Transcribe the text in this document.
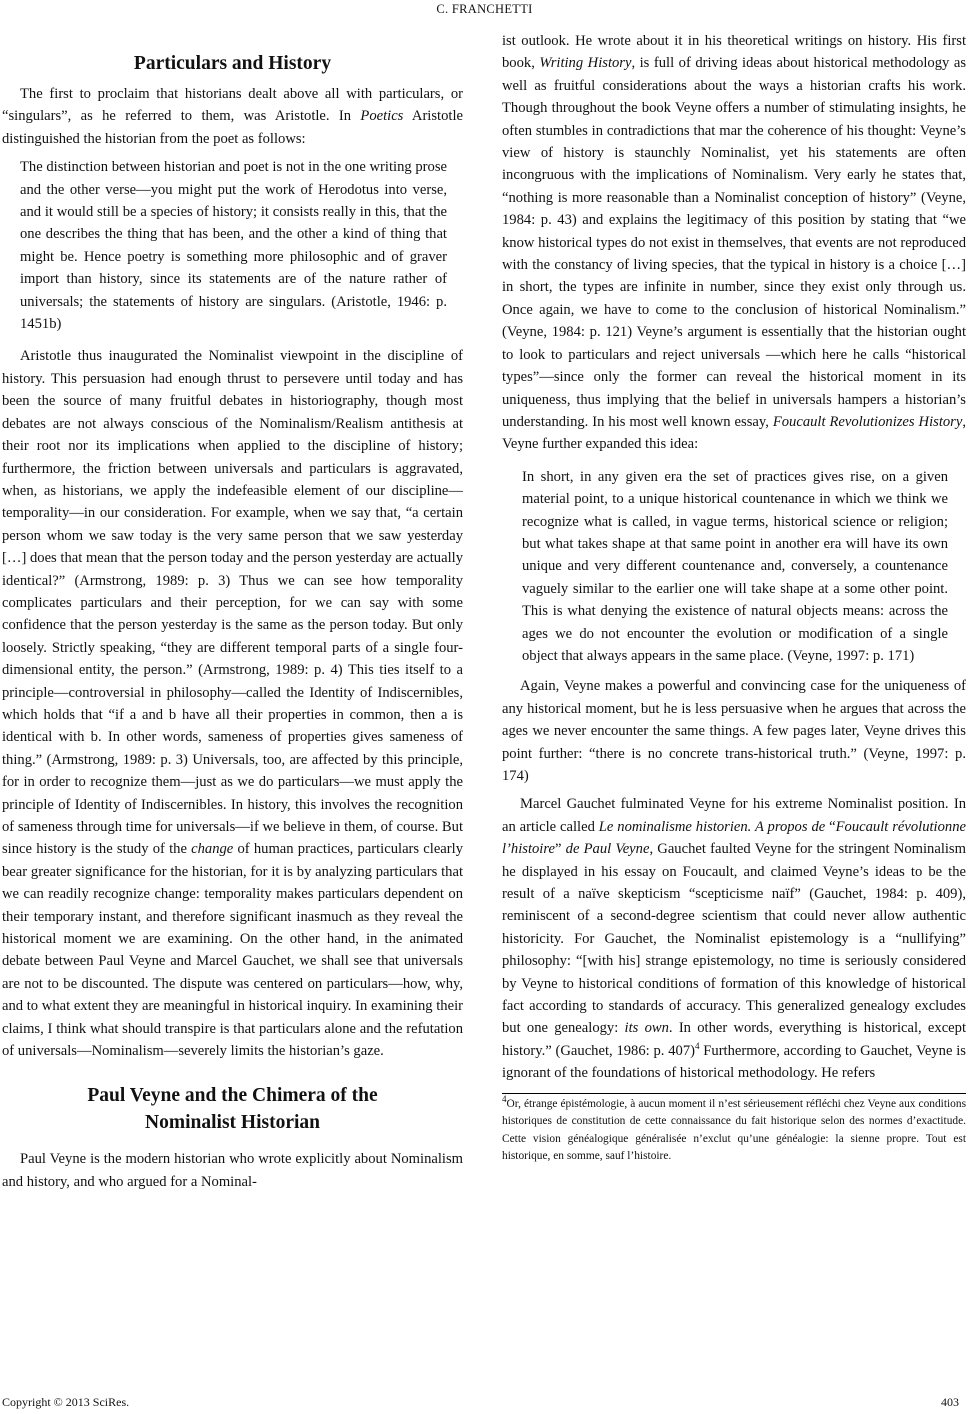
C. FRANCHETTI
Particulars and History

The first to proclaim that historians dealt above all with particulars, or “singulars”, as he referred to them, was Aristotle. In Poetics Aristotle distinguished the historian from the poet as follows:

The distinction between historian and poet is not in the one writing prose and the other verse—you might put the work of Herodotus into verse, and it would still be a species of history; it consists really in this, that the one describes the thing that has been, and the other a kind of thing that might be. Hence poetry is something more philosophic and of graver import than history, since its statements are of the nature rather of universals; the statements of history are singulars. (Aristotle, 1946: p. 1451b)

Aristotle thus inaugurated the Nominalist viewpoint in the discipline of history. This persuasion had enough thrust to persevere until today and has been the source of many fruitful debates in historiography, though most debates are not always conscious of the Nominalism/Realism antithesis at their root nor its implications when applied to the discipline of history; furthermore, the friction between universals and particulars is aggravated, when, as historians, we apply the indefeasible element of our discipline—temporality—in our consideration. For example, when we say that, “a certain person whom we saw today is the very same person that we saw yesterday […] does that mean that the person today and the person yesterday are actually identical?” (Armstrong, 1989: p. 3) Thus we can see how temporality complicates particulars and their perception, for we can say with some confidence that the person yesterday is the same as the person today. But only loosely. Strictly speaking, “they are different temporal parts of a single four-dimensional entity, the person.” (Armstrong, 1989: p. 4) This ties itself to a principle—controversial in philosophy—called the Identity of Indiscernibles, which holds that “if a and b have all their properties in common, then a is identical with b. In other words, sameness of properties gives sameness of thing.” (Armstrong, 1989: p. 3) Universals, too, are affected by this principle, for in order to recognize them—just as we do particulars—we must apply the principle of Identity of Indiscernibles. In history, this involves the recognition of sameness through time for universals—if we believe in them, of course. But since history is the study of the change of human practices, particulars clearly bear greater significance for the historian, for it is by analyzing particulars that we can readily recognize change: temporality makes particulars dependent on their temporary instant, and therefore significant inasmuch as they reveal the historical moment we are examining. On the other hand, in the animated debate between Paul Veyne and Marcel Gauchet, we shall see that universals are not to be discounted. The dispute was centered on particulars—how, why, and to what extent they are meaningful in historical inquiry. In examining their claims, I think what should transpire is that particulars alone and the refutation of universals—Nominalism—severely limits the historian’s gaze.

Paul Veyne and the Chimera of the
Nominalist Historian

Paul Veyne is the modern historian who wrote explicitly about Nominalism and history, and who argued for a Nominal-

ist outlook. He wrote about it in his theoretical writings on history. His first book, Writing History, is full of driving ideas about historical methodology as well as fruitful considerations about the ways a historian crafts his work. Though throughout the book Veyne offers a number of stimulating insights, he often stumbles in contradictions that mar the coherence of his thought: Veyne’s view of history is staunchly Nominalist, yet his statements are often incongruous with the implications of Nominalism. Very early he states that, “nothing is more reasonable than a Nominalist conception of history” (Veyne, 1984: p. 43) and explains the legitimacy of this position by stating that “we know historical types do not exist in themselves, that events are not reproduced with the constancy of living species, that the typical in history is a choice […] in short, the types are infinite in number, since they exist only through us. Once again, we have to come to the conclusion of historical Nominalism.” (Veyne, 1984: p. 121) Veyne’s argument is essentially that the historian ought to look to particulars and reject universals —which here he calls “historical types”—since only the former can reveal the historical moment in its uniqueness, thus implying that the belief in universals hampers a historian’s understanding. In his most well known essay, Foucault Revolutionizes History, Veyne further expanded this idea:

In short, in any given era the set of practices gives rise, on a given material point, to a unique historical countenance in which we think we recognize what is called, in vague terms, historical science or religion; but what takes shape at that same point in another era will have its own unique and very different countenance and, conversely, a countenance vaguely similar to the earlier one will take shape at a some other point. This is what denying the existence of natural objects means: across the ages we do not encounter the evolution or modification of a single object that always appears in the same place. (Veyne, 1997: p. 171)

Again, Veyne makes a powerful and convincing case for the uniqueness of any historical moment, but he is less persuasive when he argues that across the ages we never encounter the same things. A few pages later, Veyne drives this point further: “there is no concrete trans-historical truth.” (Veyne, 1997: p. 174)

Marcel Gauchet fulminated Veyne for his extreme Nominalist position. In an article called Le nominalisme historien. A propos de “Foucault révolutionne l’histoire” de Paul Veyne, Gauchet faulted Veyne for the stringent Nominalism he displayed in his essay on Foucault, and claimed Veyne’s ideas to be the result of a naïve skepticism “scepticisme naïf” (Gauchet, 1984: p. 409), reminiscent of a second-degree scientism that could never allow authentic historicity. For Gauchet, the Nominalist epistemology is a “nullifying” philosophy: “[with his] strange epistemology, no time is seriously considered by Veyne to historical conditions of formation of this knowledge of historical fact according to standards of accuracy. This generalized genealogy excludes but one genealogy: its own. In other words, everything is historical, except history.” (Gauchet, 1986: p. 407)$^4$ Furthermore, according to Gauchet, Veyne is ignorant of the foundations of historical methodology. He refers

$^4$Or, étrange épistémologie, à aucun moment il n’est sérieusement réfléchi chez Veyne aux conditions historiques de constitution de cette connaissance du fait historique selon des normes d’exactitude. Cette vision généalogique généralisée n’exclut qu’une généalogie: la sienne propre. Tout est historique, en somme, sauf l’histoire.
Copyright © 2013 SciRes.	403
